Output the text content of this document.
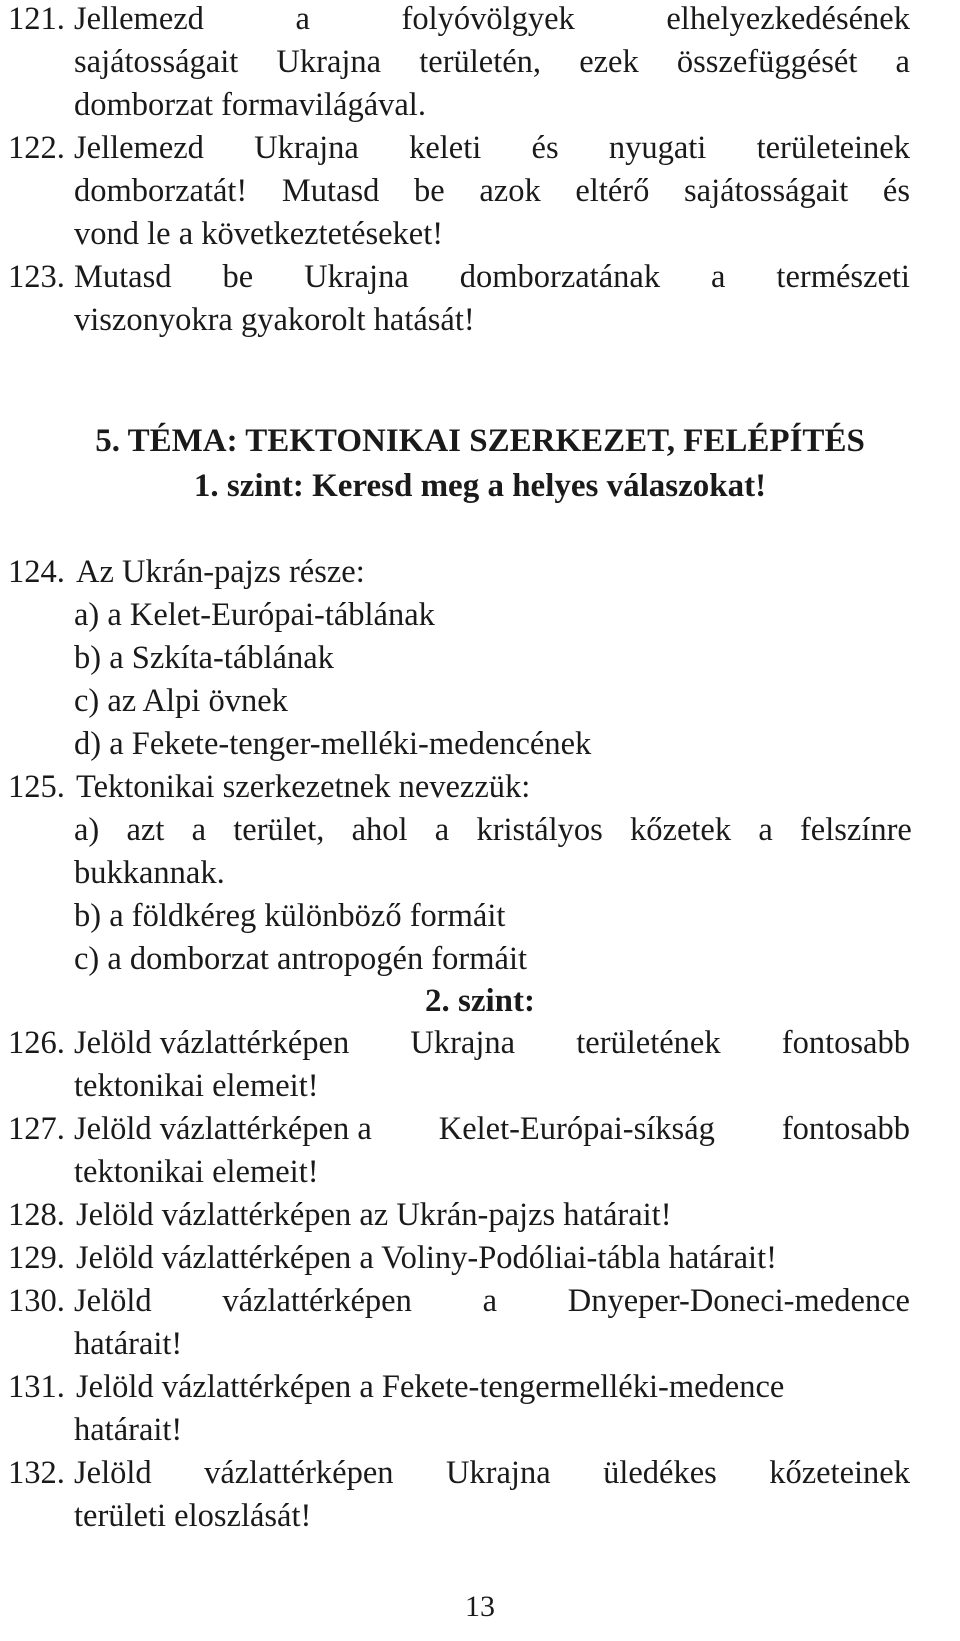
121. Jellemezd	a	folyóvölgyek	elhelyezkedésének
sajátosságait Ukrajna területén, ezek összefüggését a
domborzat formavilágával.
122. Jellemezd Ukrajna keleti és nyugati területeinek
domborzatát! Mutasd be azok eltérő sajátosságait és
vond le a következtetéseket!
123. Mutasd be Ukrajna domborzatának a természeti
viszonyokra gyakorolt hatását!
5. TÉMA: TEKTONIKAI SZERKEZET, FELÉPÍTÉS
1. szint: Keresd meg a helyes válaszokat!
124. Az Ukrán-pajzs része:
a) a Kelet-Európai-táblának
b) a Szkíta-táblának
c) az Alpi övnek
d) a Fekete-tenger-melléki-medencének
125. Tektonikai szerkezetnek nevezzük:
a) azt a terület, ahol a kristályos kőzetek a felszínre
bukkannak.
b) a földkéreg különböző formáit
c) a domborzat antropogén formáit
2. szint:
126. Jelöld vázlattérképen Ukrajna területének fontosabb
tektonikai elemeit!
127. Jelöld vázlattérképen a Kelet-Európai-síkság fontosabb
tektonikai elemeit!
128. Jelöld vázlattérképen az Ukrán-pajzs határait!
129. Jelöld vázlattérképen a Voliny-Podóliai-tábla határait!
130. Jelöld vázlattérképen a Dnyeper-Doneci-medence
határait!
131. Jelöld vázlattérképen a Fekete-tengermelléki-medence
határait!
132. Jelöld vázlattérképen Ukrajna üledékes kőzeteinek
területi eloszlását!
13
